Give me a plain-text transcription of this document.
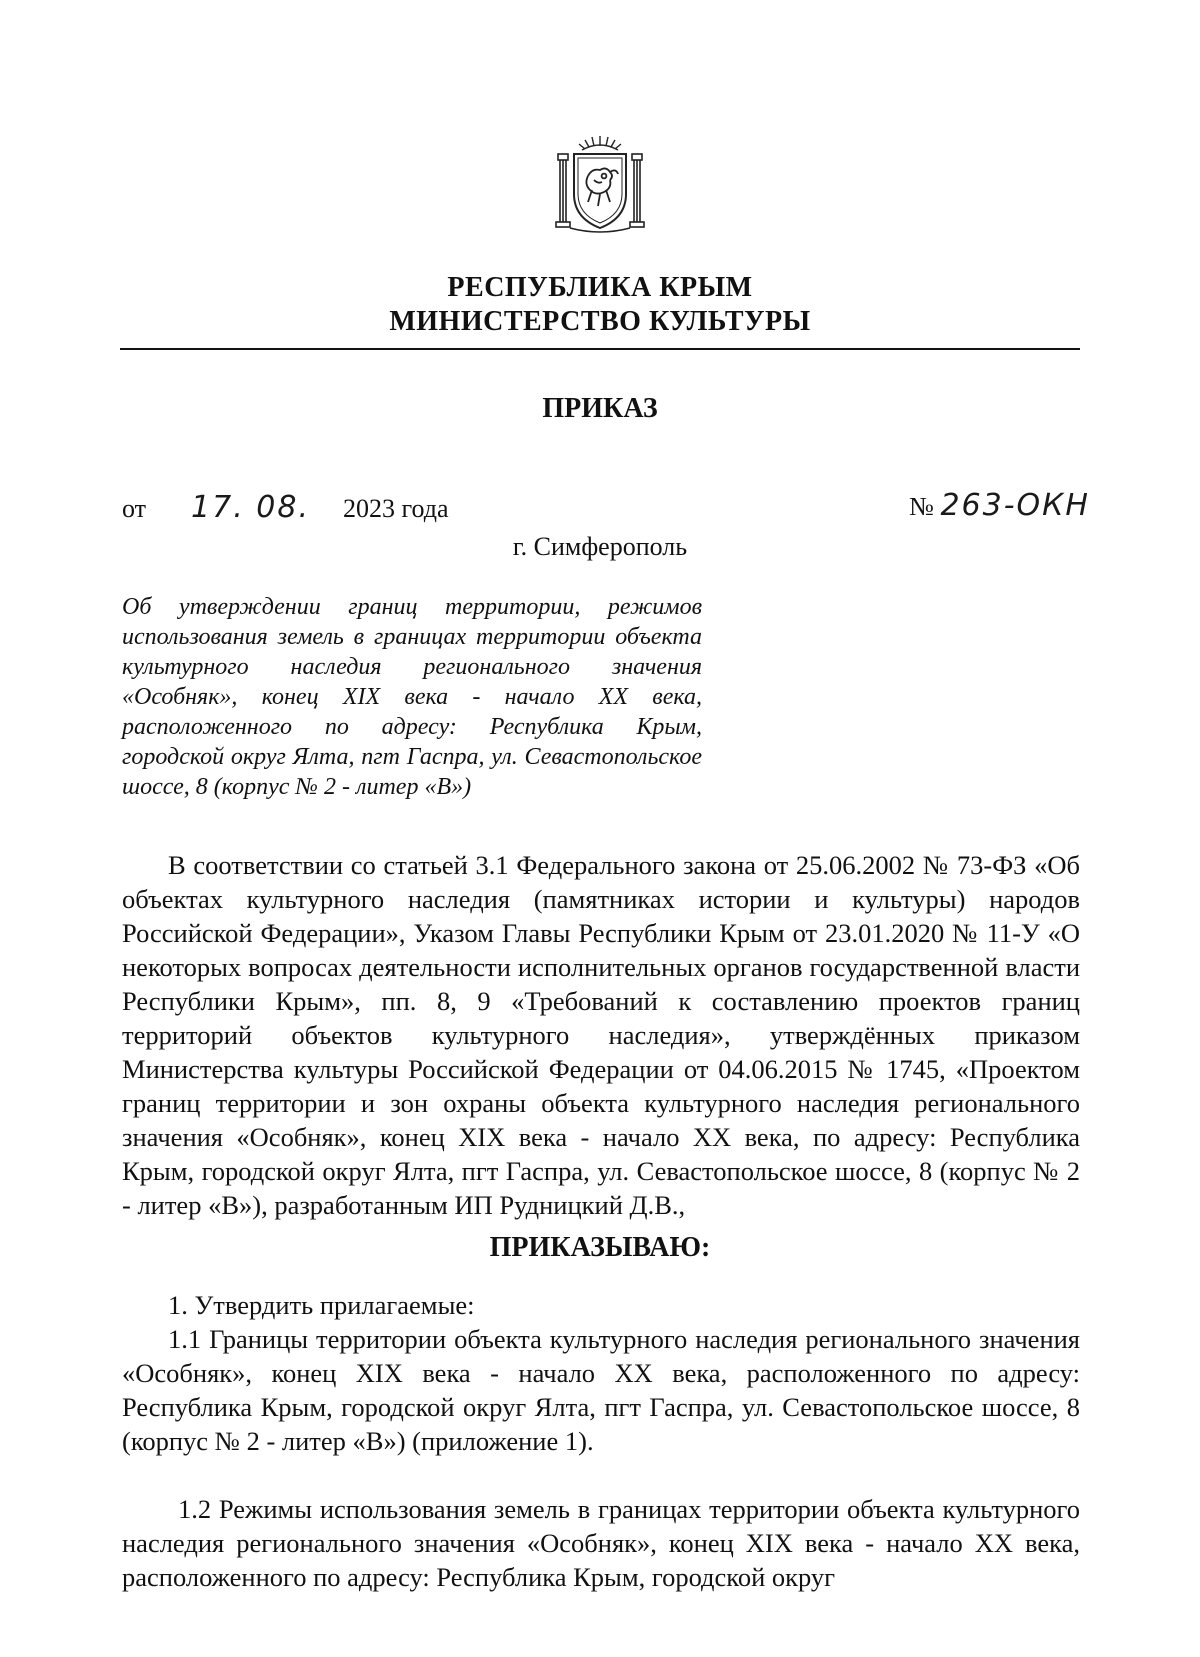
РЕСПУБЛИКА КРЫМ
МИНИСТЕРСТВО КУЛЬТУРЫ
ПРИКАЗ
от 17. 08. 2023 года	№ 263-ОКН
г. Симферополь
Об утверждении границ территории, режимов использования земель в границах территории объекта культурного наследия регионального значения «Особняк», конец XIX века - начало XX века, расположенного по адресу: Республика Крым, городской округ Ялта, пгт Гаспра, ул. Севастопольское шоссе, 8 (корпус № 2 - литер «В»)
В соответствии со статьей 3.1 Федерального закона от 25.06.2002 № 73-ФЗ «Об объектах культурного наследия (памятниках истории и культуры) народов Российской Федерации», Указом Главы Республики Крым от 23.01.2020 № 11-У «О некоторых вопросах деятельности исполнительных органов государственной власти Республики Крым», пп. 8, 9 «Требований к составлению проектов границ территорий объектов культурного наследия», утверждённых приказом Министерства культуры Российской Федерации от 04.06.2015 № 1745, «Проектом границ территории и зон охраны объекта культурного наследия регионального значения «Особняк», конец XIX века - начало XX века, по адресу: Республика Крым, городской округ Ялта, пгт Гаспра, ул. Севастопольское шоссе, 8 (корпус № 2 - литер «В»), разработанным ИП Рудницкий Д.В.,
ПРИКАЗЫВАЮ:
1. Утвердить прилагаемые:
1.1 Границы территории объекта культурного наследия регионального значения «Особняк», конец XIX века - начало XX века, расположенного по адресу: Республика Крым, городской округ Ялта, пгт Гаспра, ул. Севастопольское шоссе, 8 (корпус № 2 - литер «В») (приложение 1).
1.2 Режимы использования земель в границах территории объекта культурного наследия регионального значения «Особняк», конец XIX века - начало XX века, расположенного по адресу: Республика Крым, городской округ
